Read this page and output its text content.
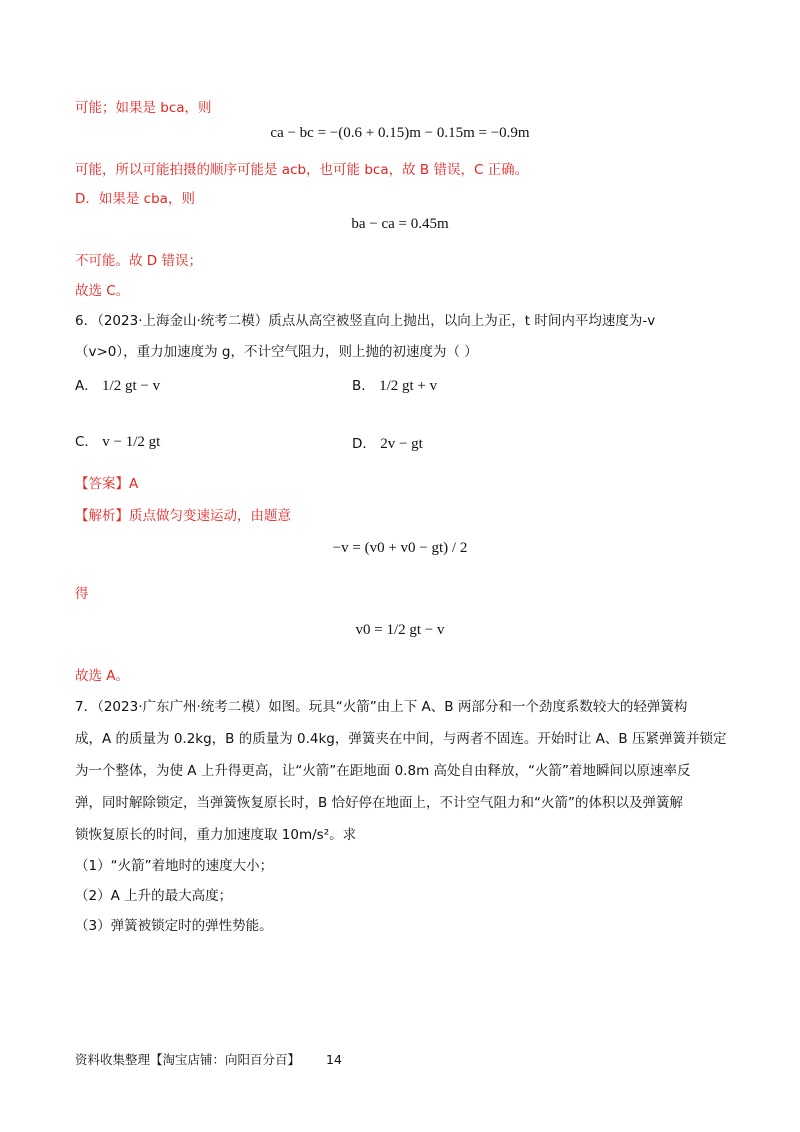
可能；如果是 bca，则
ca − bc = −(0.6 + 0.15)m − 0.15m = −0.9m
可能，所以可能拍摄的顺序可能是 acb，也可能 bca，故 B 错误，C 正确。
D．如果是 cba，则
ba − ca = 0.45m
不可能。故 D 错误；
故选 C。
6．（2023·上海金山·统考二模）质点从高空被竖直向上抛出，以向上为正，t 时间内平均速度为-v
（v>0），重力加速度为 g，不计空气阻力，则上抛的初速度为（ ）
A． 1/2 gt − v	B． 1/2 gt + v
C． v − 1/2 gt	D． 2v − gt
【答案】A
【解析】质点做匀变速运动，由题意
−v = (v0 + v0 − gt) / 2
得
v0 = 1/2 gt − v
故选 A。
7．（2023·广东广州·统考二模）如图。玩具“火箭”由上下 A、B 两部分和一个劲度系数较大的轻弹簧构
成，A 的质量为 0.2kg，B 的质量为 0.4kg，弹簧夹在中间，与两者不固连。开始时让 A、B 压紧弹簧并锁定
为一个整体，为使 A 上升得更高，让“火箭”在距地面 0.8m 高处自由释放，“火箭”着地瞬间以原速率反
弹，同时解除锁定，当弹簧恢复原长时，B 恰好停在地面上，不计空气阻力和“火箭”的体积以及弹簧解
锁恢复原长的时间，重力加速度取 10m/s²。求
（1）“火箭”着地时的速度大小；
（2）A 上升的最大高度；
（3）弹簧被锁定时的弹性势能。
资料收集整理【淘宝店铺：向阳百分百】 14
